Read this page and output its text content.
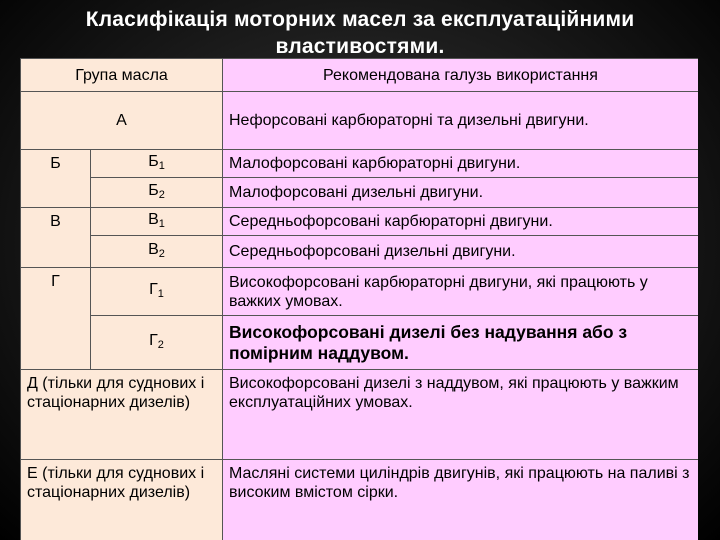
Класифікація моторних масел за експлуатаційними властивостями.
Група масла		Рекомендована галузь використання
А		Нефорсовані карбюраторні та дизельні двигуни.
Б	$Б_1$	Малофорсовані карбюраторні двигуни.
	$Б_2$	Малофорсовані дизельні двигуни.
В	$В_1$	Середньофорсовані карбюраторні двигуни.
	$В_2$	Середньофорсовані дизельні двигуни.
Г	$Г_1$	Високофорсовані карбюраторні двигуни, які працюють у важких умовах.
	$Г_2$	Високофорсовані дизелі без надування або з помірним наддувом.
Д (тільки для суднових і стаціонарних дизелів)		Високофорсовані дизелі з наддувом, які працюють у важким експлуатаційних умовах.
Е (тільки для суднових і стаціонарних дизелів)		Масляні системи циліндрів двигунів, які працюють на паливі з високим вмістом сірки.
